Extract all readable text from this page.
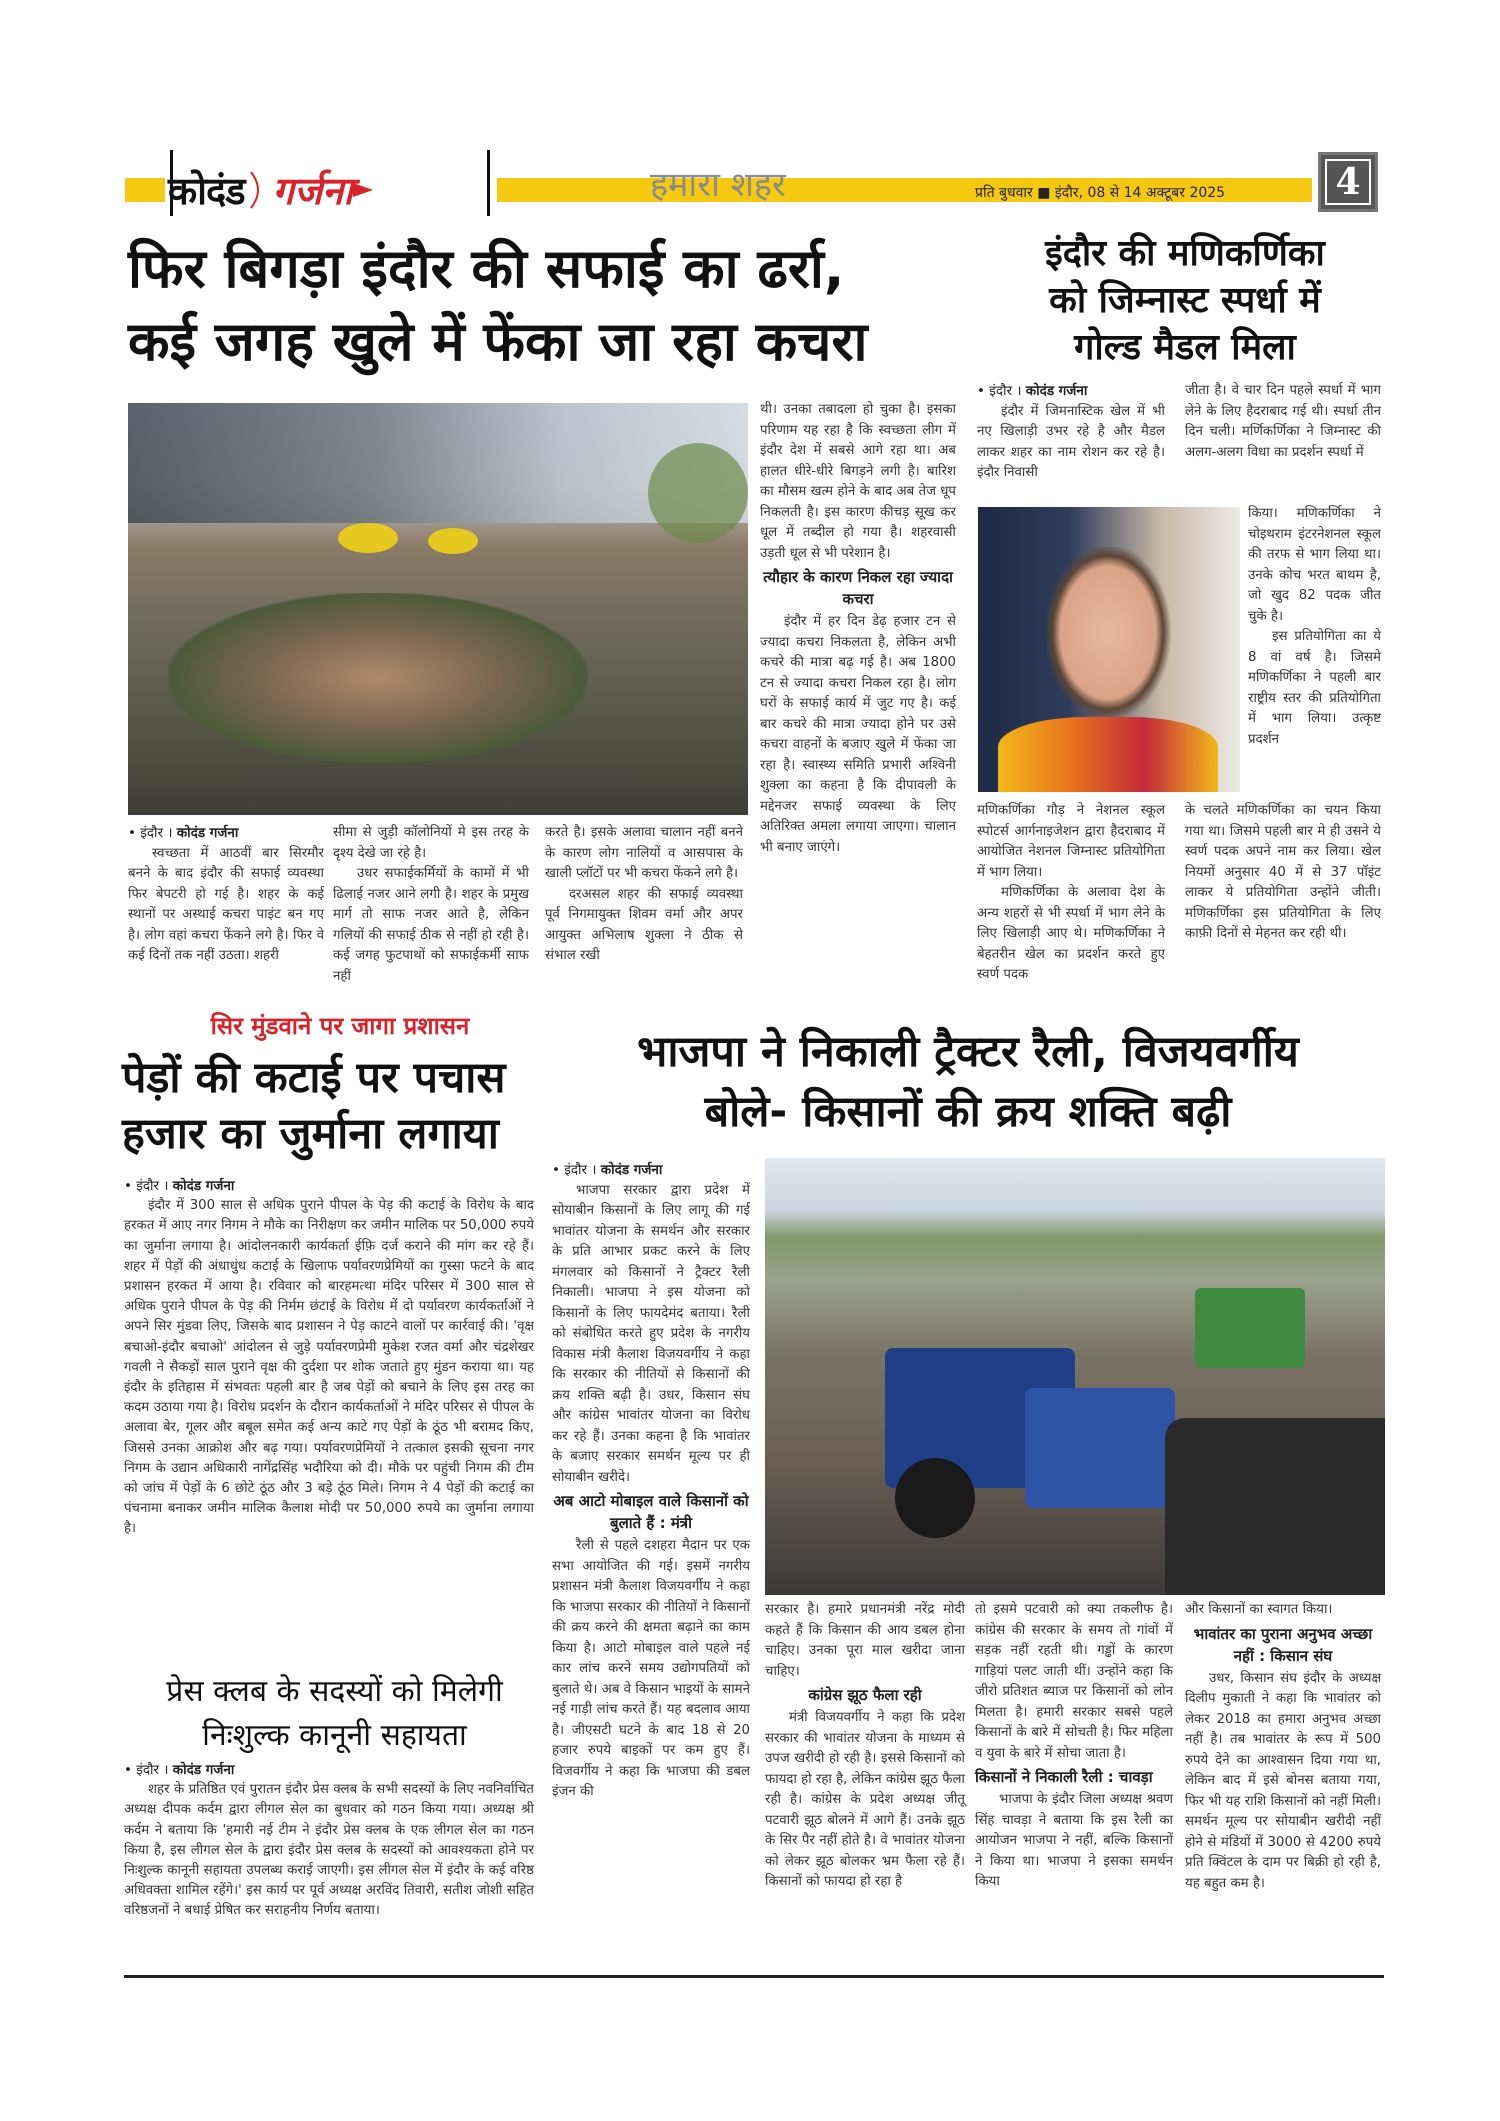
कोदंड गर्जना	हमारा शहर	प्रति बुधवार ■ इंदौर, 08 से 14 अक्टूबर 2025	4
फिर बिगड़ा इंदौर की सफाई का ढर्रा,
कई जगह खुले में फेंका जा रहा कचरा
• इंदौर । कोदंड गर्जना

स्वच्छता में आठवीं बार सिरमौर बनने के बाद इंदौर की सफाई व्यवस्था फिर बेपटरी हो गई है। शहर के कई स्थानों पर अस्थाई कचरा पाइंट बन गए है। लोग वहां कचरा फेंकने लगे है। फिर वे कई दिनों तक नहीं उठता। शहरी

सीमा से जुड़ी कॉलोनियों मे इस तरह के दृश्य देखे जा रहे है।

उधर सफाईकर्मियों के कामों में भी ढिलाई नजर आने लगी है। शहर के प्रमुख मार्ग तो साफ नजर आते है, लेकिन गलियों की सफाई ठीक से नहीं हो रही है। कई जगह फुटपाथों को सफाईकर्मी साफ नहीं

करते है। इसके अलावा चालान नहीं बनने के कारण लोग नालियों व आसपास के खाली प्लॉटों पर भी कचरा फेंकने लगे है।

दरअसल शहर की सफाई व्यवस्था पूर्व निगमायुक्त शिवम वर्मा और अपर आयुक्त अभिलाष शुक्ला ने ठीक से संभाल रखी

थी। उनका तबादला हो चुका है। इसका परिणाम यह रहा है कि स्वच्छता लीग में इंदौर देश में सबसे आगे रहा था। अब हालत धीरे-धीरे बिगड़ने लगी है। बारिश का मौसम खत्म होने के बाद अब तेज धूप निकलती है। इस कारण कीचड़ सूख कर धूल में तब्दील हो गया है। शहरवासी उड़ती धूल से भी परेशान है।

त्यौहार के कारण निकल रहा ज्यादा कचरा

इंदौर में हर दिन डेढ़ हजार टन से ज्यादा कचरा निकलता है, लेकिन अभी कचरे की मात्रा बढ़ गई है। अब 1800 टन से ज्यादा कचरा निकल रहा है। लोग घरों के सफाई कार्य में जुट गए है। कई बार कचरे की मात्रा ज्यादा होने पर उसे कचरा वाहनों के बजाए खुले में फेंका जा रहा है। स्वास्थ्य समिति प्रभारी अश्विनी शुक्ला का कहना है कि दीपावली के मद्देनजर सफाई व्यवस्था के लिए अतिरिक्त अमला लगाया जाएगा। चालान भी बनाए जाएंगे।

इंदौर की मणिकर्णिका
को जिम्नास्ट स्पर्धा में
गोल्ड मैडल मिला
• इंदौर । कोदंड गर्जना

इंदौर में जिमनास्टिक खेल में भी नए खिलाड़ी उभर रहे है और मैडल लाकर शहर का नाम रोशन कर रहे है। इंदौर निवासी

मणिकर्णिका गौड़ ने नेशनल स्कूल स्पोटर्स आर्गनाइजेशन द्वारा हैदराबाद में आयोजित नेशनल जिम्नास्ट प्रतियोगिता में भाग लिया।

मणिकर्णिका के अलावा देश के अन्य शहरों से भी स्पर्धा में भाग लेने के लिए खिलाड़ी आए थे। मणिकर्णिका ने बेहतरीन खेल का प्रदर्शन करते हुए स्वर्ण पदक

जीता है। वे चार दिन पहले स्पर्धा में भाग लेने के लिए हैदराबाद गई थी। स्पर्धा तीन दिन चली। मर्णिकर्णिका ने जिम्नास्ट की अलग-अलग विधा का प्रदर्शन स्पर्धा में

किया। मणिकर्णिका ने चोइथराम इंटरनेशनल स्कूल की तरफ से भाग लिया था। उनके कोच भरत बाथम है, जो खुद 82 पदक जीत चुके है।

इस प्रतियोगिता का ये 8 वां वर्ष है। जिसमे मणिकर्णिका ने पहली बार राष्ट्रीय स्तर की प्रतियोगिता में भाग लिया। उत्कृष्ट प्रदर्शन

के चलते मणिकर्णिका का चयन किया गया था। जिसमे पहली बार मे ही उसने ये स्वर्ण पदक अपने नाम कर लिया। खेल नियमों अनुसार 40 में से 37 पॉइंट लाकर ये प्रतियोगिता उन्होंने जीती। मणिकर्णिका इस प्रतियोगिता के लिए काफ़ी दिनों से मेहनत कर रही थी।

सिर मुंडवाने पर जागा प्रशासन
पेड़ों की कटाई पर पचास
हजार का जुर्माना लगाया
• इंदौर । कोदंड गर्जना

इंदौर में 300 साल से अधिक पुराने पीपल के पेड़ की कटाई के विरोध के बाद हरकत में आए नगर निगम ने मौके का निरीक्षण कर जमीन मालिक पर 50,000 रुपये का जुर्माना लगाया है। आंदोलनकारी कार्यकर्ता ईफ़ि दर्ज कराने की मांग कर रहे हैं। शहर में पेड़ों की अंधाधुंध कटाई के खिलाफ पर्यावरणप्रेमियों का गुस्सा फटने के बाद प्रशासन हरकत में आया है। रविवार को बारहमत्था मंदिर परिसर में 300 साल से अधिक पुराने पीपल के पेड़ की निर्मम छंटाई के विरोध में दो पर्यावरण कार्यकर्ताओं ने अपने सिर मुंडवा लिए, जिसके बाद प्रशासन ने पेड़ काटने वालों पर कार्रवाई की। 'वृक्ष बचाओ-इंदौर बचाओ' आंदोलन से जुड़े पर्यावरणप्रेमी मुकेश रजत वर्मा और चंद्रशेखर गवली ने सैकड़ों साल पुराने वृक्ष की दुर्दशा पर शोक जताते हुए मुंडन कराया था। यह इंदौर के इतिहास में संभवतः पहली बार है जब पेड़ों को बचाने के लिए इस तरह का कदम उठाया गया है। विरोध प्रदर्शन के दौरान कार्यकर्ताओं ने मंदिर परिसर से पीपल के अलावा बेर, गूलर और बबूल समेत कई अन्य काटे गए पेड़ों के ठूंठ भी बरामद किए, जिससे उनका आक्रोश और बढ़ गया। पर्यावरणप्रेमियों ने तत्काल इसकी सूचना नगर निगम के उद्यान अधिकारी नागेंद्रसिंह भदौरिया को दी। मौके पर पहुंची निगम की टीम को जांच में पेड़ों के 6 छोटे ठूंठ और 3 बड़े ठूंठ मिले। निगम ने 4 पेड़ों की कटाई का पंचनामा बनाकर जमीन मालिक कैलाश मोदी पर 50,000 रुपये का जुर्माना लगाया है।

प्रेस क्लब के सदस्यों को मिलेगी
निःशुल्क कानूनी सहायता
• इंदौर । कोदंड गर्जना

शहर के प्रतिष्ठित एवं पुरातन इंदौर प्रेस क्लब के सभी सदस्यों के लिए नवनिर्वाचित अध्यक्ष दीपक कर्दम द्वारा लीगल सेल का बुधवार को गठन किया गया। अध्यक्ष श्री कर्दम ने बताया कि 'हमारी नई टीम ने इंदौर प्रेस क्लब के एक लीगल सेल का गठन किया है, इस लीगल सेल के द्वारा इंदौर प्रेस क्लब के सदस्यों को आवश्यकता होने पर निःशुल्क कानूनी सहायता उपलब्ध कराई जाएगी। इस लीगल सेल में इंदौर के कई वरिष्ठ अधिवक्ता शामिल रहेंगे।' इस कार्य पर पूर्व अध्यक्ष अरविंद तिवारी, सतीश जोशी सहित वरिष्ठजनों ने बधाई प्रेषित कर सराहनीय निर्णय बताया।

भाजपा ने निकाली ट्रैक्टर रैली, विजयवर्गीय
बोले- किसानों की क्रय शक्ति बढ़ी
• इंदौर । कोदंड गर्जना

भाजपा सरकार द्वारा प्रदेश में सोयाबीन किसानों के लिए लागू की गई भावांतर योजना के समर्थन और सरकार के प्रति आभार प्रकट करने के लिए मंगलवार को किसानों ने ट्रैक्टर रैली निकाली। भाजपा ने इस योजना को किसानों के लिए फायदेमंद बताया। रैली को संबोधित करते हुए प्रदेश के नगरीय विकास मंत्री कैलाश विजयवर्गीय ने कहा कि सरकार की नीतियों से किसानों की क्रय शक्ति बढ़ी है। उधर, किसान संघ और कांग्रेस भावांतर योजना का विरोध कर रहे हैं। उनका कहना है कि भावांतर के बजाए सरकार समर्थन मूल्य पर ही सोयाबीन खरीदे।

अब आटो मोबाइल वाले किसानों को बुलाते हैं : मंत्री

रैली से पहले दशहरा मैदान पर एक सभा आयोजित की गई। इसमें नगरीय प्रशासन मंत्री कैलाश विजयवर्गीय ने कहा कि भाजपा सरकार की नीतियों ने किसानों की क्रय करने की क्षमता बढ़ाने का काम किया है। आटो मोबाइल वाले पहले नई कार लांच करने समय उद्योगपतियों को बुलाते थे। अब वे किसान भाइयों के सामने नई गाड़ी लांच करते हैं। यह बदलाव आया है। जीएसटी घटने के बाद 18 से 20 हजार रुपये बाइकों पर कम हुए हैं। विजवर्गीय ने कहा कि भाजपा की डबल इंजन की

सरकार है। हमारे प्रधानमंत्री नरेंद्र मोदी कहते हैं कि किसान की आय डबल होना चाहिए। उनका पूरा माल खरीदा जाना चाहिए।

कांग्रेस झूठ फैला रही

मंत्री विजयवर्गीय ने कहा कि प्रदेश सरकार की भावांतर योजना के माध्यम से उपज खरीदी हो रही है। इससे किसानों को फायदा हो रहा है, लेकिन कांग्रेस झूठ फैला रही है। कांग्रेस के प्रदेश अध्यक्ष जीतू पटवारी झूठ बोलने में आगे हैं। उनके झूठ के सिर पैर नहीं होते है। वे भावांतर योजना को लेकर झूठ बोलकर भ्रम फैला रहे हैं। किसानों को फायदा हो रहा है

तो इसमे पटवारी को क्या तकलीफ है। कांग्रेस की सरकार के समय तो गांवों में सड़क नहीं रहती थी। गड्ढों के कारण गाड़ियां पलट जाती थीं। उन्होंने कहा कि जीरो प्रतिशत ब्याज पर किसानों को लोन मिलता है। हमारी सरकार सबसे पहले किसानों के बारे में सोचती है। फिर महिला व युवा के बारे में सोचा जाता है।

किसानों ने निकाली रैली : चावड़ा

भाजपा के इंदौर जिला अध्यक्ष श्रवण सिंह चावड़ा ने बताया कि इस रैली का आयोजन भाजपा ने नहीं, बल्कि किसानों ने किया था। भाजपा ने इसका समर्थन किया

और किसानों का स्वागत किया।

भावांतर का पुराना अनुभव अच्छा नहीं : किसान संघ

उधर, किसान संघ इंदौर के अध्यक्ष दिलीप मुकाती ने कहा कि भावांतर को लेकर 2018 का हमारा अनुभव अच्छा नहीं है। तब भावांतर के रूप में 500 रुपये देने का आश्वासन दिया गया था, लेकिन बाद में इसे बोनस बताया गया, फिर भी यह राशि किसानों को नहीं मिली। समर्थन मूल्य पर सोयाबीन खरीदी नहीं होने से मंडियों में 3000 से 4200 रुपये प्रति क्विंटल के दाम पर बिक्री हो रही है, यह बहुत कम है।
